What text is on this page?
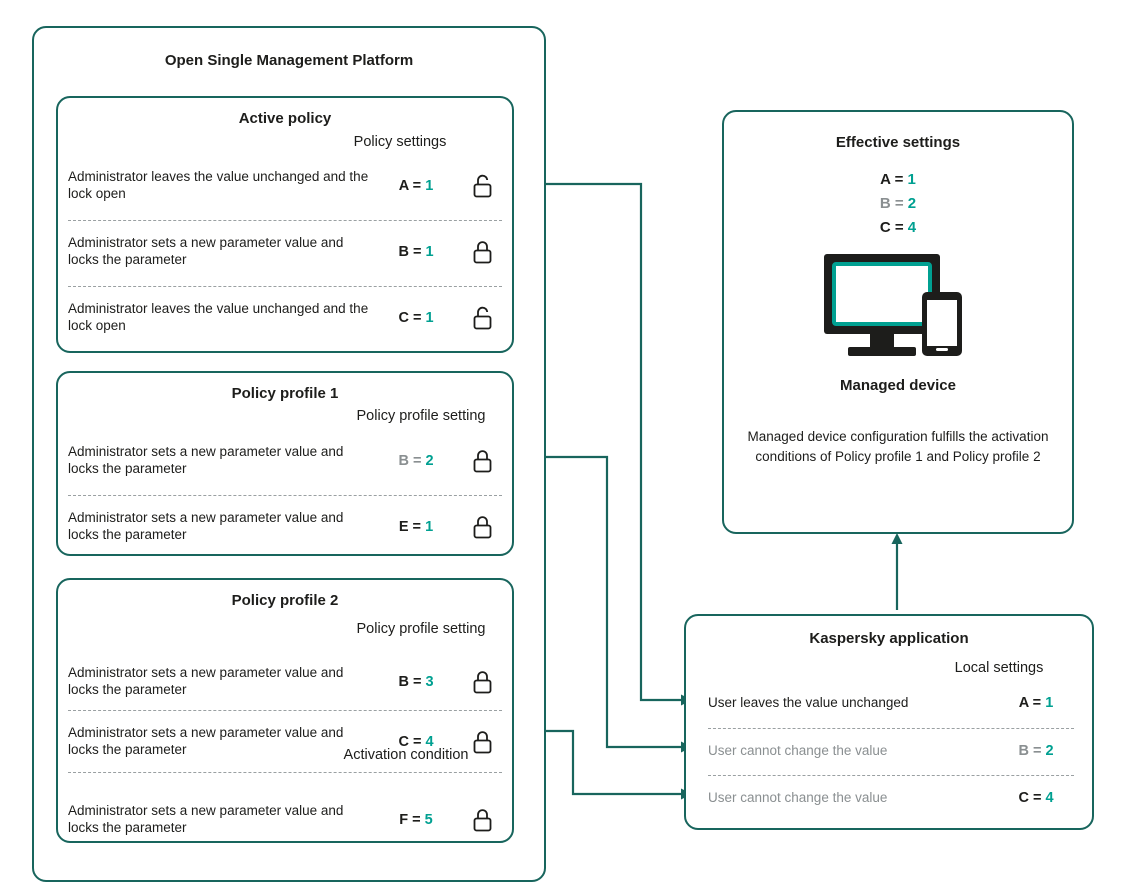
Open Single Management Platform
Active policy
Policy settings
Administrator leaves the value unchanged and the lock open	A = 1
Administrator sets a new parameter value and locks the parameter	B = 1
Administrator leaves the value unchanged and the lock open	C = 1
Policy profile 1
Policy profile setting
Administrator sets a new parameter value and locks the parameter	B = 2
Administrator sets a new parameter value and locks the parameter	E = 1
Policy profile 2
Policy profile setting
Administrator sets a new parameter value and locks the parameter	B = 3
Administrator sets a new parameter value and locks the parameter	C = 4
Activation condition
Administrator sets a new parameter value and locks the parameter	F = 5
Effective settings
A = 1
B = 2
C = 4
Managed device
Managed device configuration fulfills the activation conditions of Policy profile 1 and Policy profile 2
Kaspersky application
Local settings
User leaves the value unchanged	A = 1
User cannot change the value	B = 2
User cannot change the value	C = 4
